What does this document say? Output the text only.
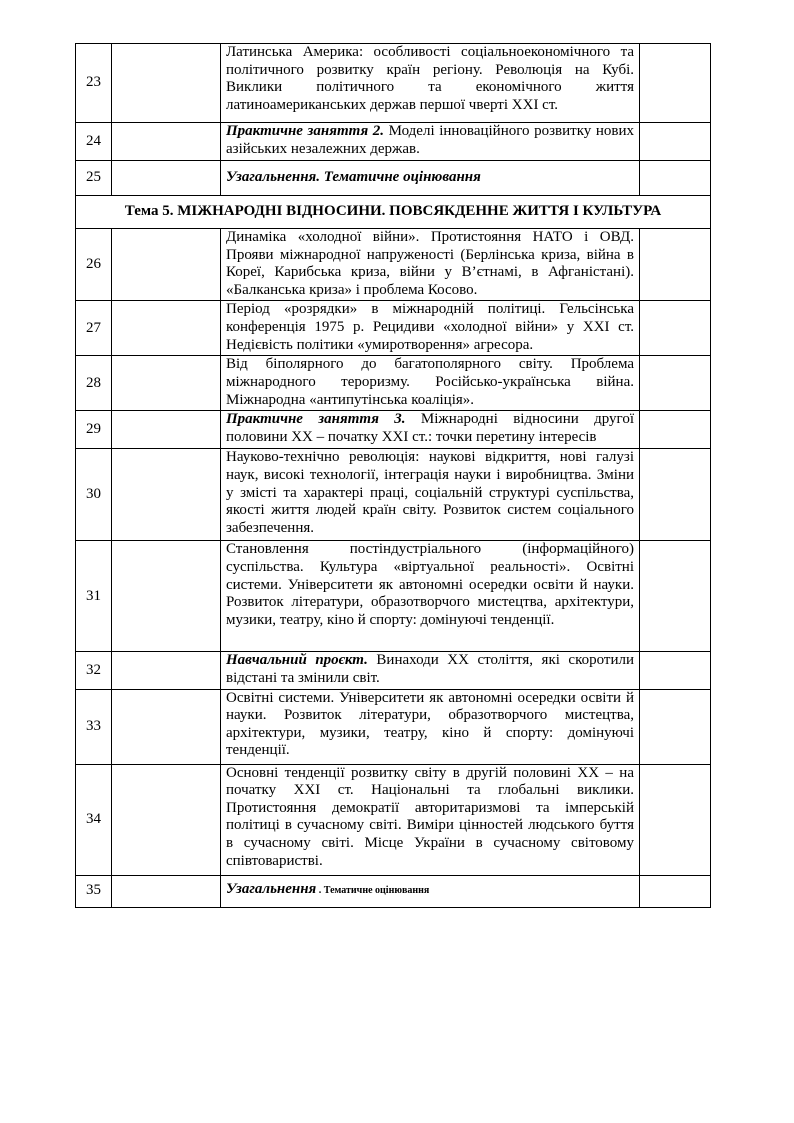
23		Латинська Америка: особливості соціальноекономічного та політичного розвитку країн регіону. Революція на Кубі. Виклики політичного та економічного життя латиноамериканських держав першої чверті ХХІ ст.	
24		Практичне заняття 2. Моделі інноваційного розвитку нових азійських незалежних держав.	
25		Узагальнення. Тематичне оцінювання	
Тема 5. МІЖНАРОДНІ ВІДНОСИНИ. ПОВСЯКДЕННЕ ЖИТТЯ І КУЛЬТУРА			
26		Динаміка «холодної війни». Протистояння НАТО і ОВД. Прояви міжнародної напруженості (Берлінська криза, війна в Кореї, Карибська криза, війни у В’єтнамі, в Афганістані). «Балканська криза» і проблема Косово.	
27		Період «розрядки» в міжнародній політиці. Гельсінська конференція 1975 р. Рецидиви «холодної війни» у ХХІ ст. Недієвість політики «умиротворення» агресора.	
28		Від біполярного до багатополярного світу. Проблема міжнародного тероризму. Російсько-українська війна. Міжнародна «антипутінська коаліція».	
29		Практичне заняття 3. Міжнародні відносини другої половини ХХ – початку ХХІ ст.: точки перетину інтересів	
30		Науково-технічно революція: наукові відкриття, нові галузі наук, високі технології, інтеграція науки і виробництва. Зміни у змісті та характері праці, соціальній структурі суспільства, якості життя людей країн світу. Розвиток систем соціального забезпечення.	
31		Становлення постіндустріального (інформаційного) суспільства. Культура «віртуальної реальності». Освітні системи. Університети як автономні осередки освіти й науки. Розвиток літератури, образотворчого мистецтва, архітектури, музики, театру, кіно й спорту: домінуючі тенденції.	
32		Навчальний проєкт. Винаходи ХХ століття, які скоротили відстані та змінили світ.	
33		Освітні системи. Університети як автономні осередки освіти й науки. Розвиток літератури, образотворчого мистецтва, архітектури, музики, театру, кіно й спорту: домінуючі тенденції.	
34		Основні тенденції розвитку світу в другій половині ХХ – на початку ХХІ ст. Національні та глобальні виклики. Протистояння демократії авторитаризмові та імперській політиці в сучасному світі. Виміри цінностей людського буття в сучасному світі. Місце України в сучасному світовому співтоваристві.	
35		Узагальнення . Тематичне оцінювання	
